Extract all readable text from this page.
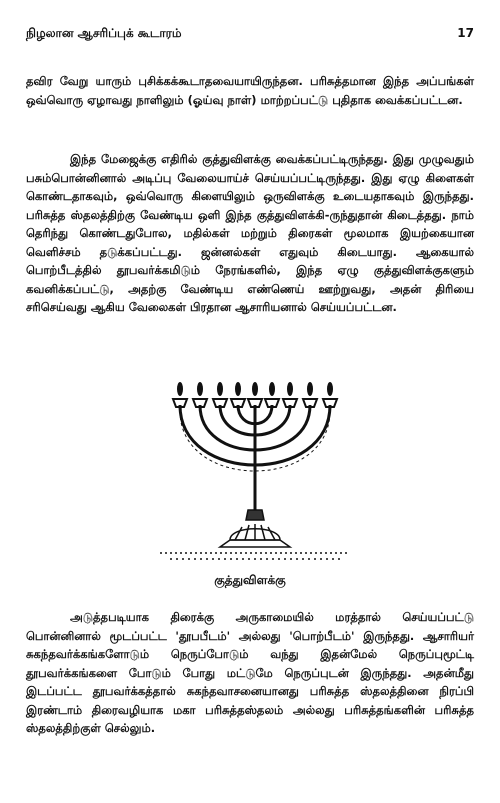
நிழலான ஆசரிப்புக் கூடாரம்	17
தவிர வேறு யாரும் புசிக்கக்கூடாதவையாயிருந்தன. பரிசுத்தமான இந்த அப்பங்கள் ஒவ்வொரு ஏழாவது நாளிலும் (ஓய்வு நாள்) மாற்றப்பட்டு புதிதாக வைக்கப்பட்டன.
இந்த மேஜைக்கு எதிரில் குத்துவிளக்கு வைக்கப்பட்டிருந்தது. இது முழுவதும் பசும்பொன்னினால் அடிப்பு வேலையாய்ச் செய்யப்பட்டிருந்தது. இது ஏழு கிளைகள் கொண்டதாகவும், ஒவ்வொரு கிளையிலும் ஒருவிளக்கு உடையதாகவும் இருந்தது. பரிசுத்த ஸ்தலத்திற்கு வேண்டிய ஒளி இந்த குத்துவிளக்கி-ருந்துதான் கிடைத்தது. நாம் தெரிந்து கொண்டதுபோல, மதில்கள் மற்றும் திரைகள் மூலமாக இயற்கையான வெளிச்சம் தடுக்கப்பட்டது. ஜன்னல்கள் எதுவும் கிடையாது. ஆகையால் பொற்பீடத்தில் தூபவர்க்கமிடும் நேரங்களில், இந்த ஏழு குத்துவிளக்குகளும் கவனிக்கப்பட்டு, அதற்கு வேண்டிய எண்ணெய் ஊற்றுவது, அதன் திரியை சரிசெய்வது ஆகிய வேலைகள் பிரதான ஆசாரியனால் செய்யப்பட்டன.
குத்துவிளக்கு
அடுத்தபடியாக திரைக்கு அருகாமையில் மரத்தால் செய்யப்பட்டு பொன்னினால் மூடப்பட்ட 'தூபபீடம்' அல்லது 'பொற்பீடம்' இருந்தது. ஆசாரியர் சுகந்தவர்க்கங்களோடும் நெருப்போடும் வந்து இதன்மேல் நெருப்புமூட்டி தூபவர்க்கங்களை போடும் போது மட்டுமே நெருப்புடன் இருந்தது. அதன்மீது இடப்பட்ட தூபவர்க்கத்தால் சுகந்தவாசனையானது பரிசுத்த ஸ்தலத்தினை நிரப்பி இரண்டாம் திரைவழியாக மகா பரிசுத்தஸ்தலம் அல்லது பரிசுத்தங்களின் பரிசுத்த ஸ்தலத்திற்குள் செல்லும்.
